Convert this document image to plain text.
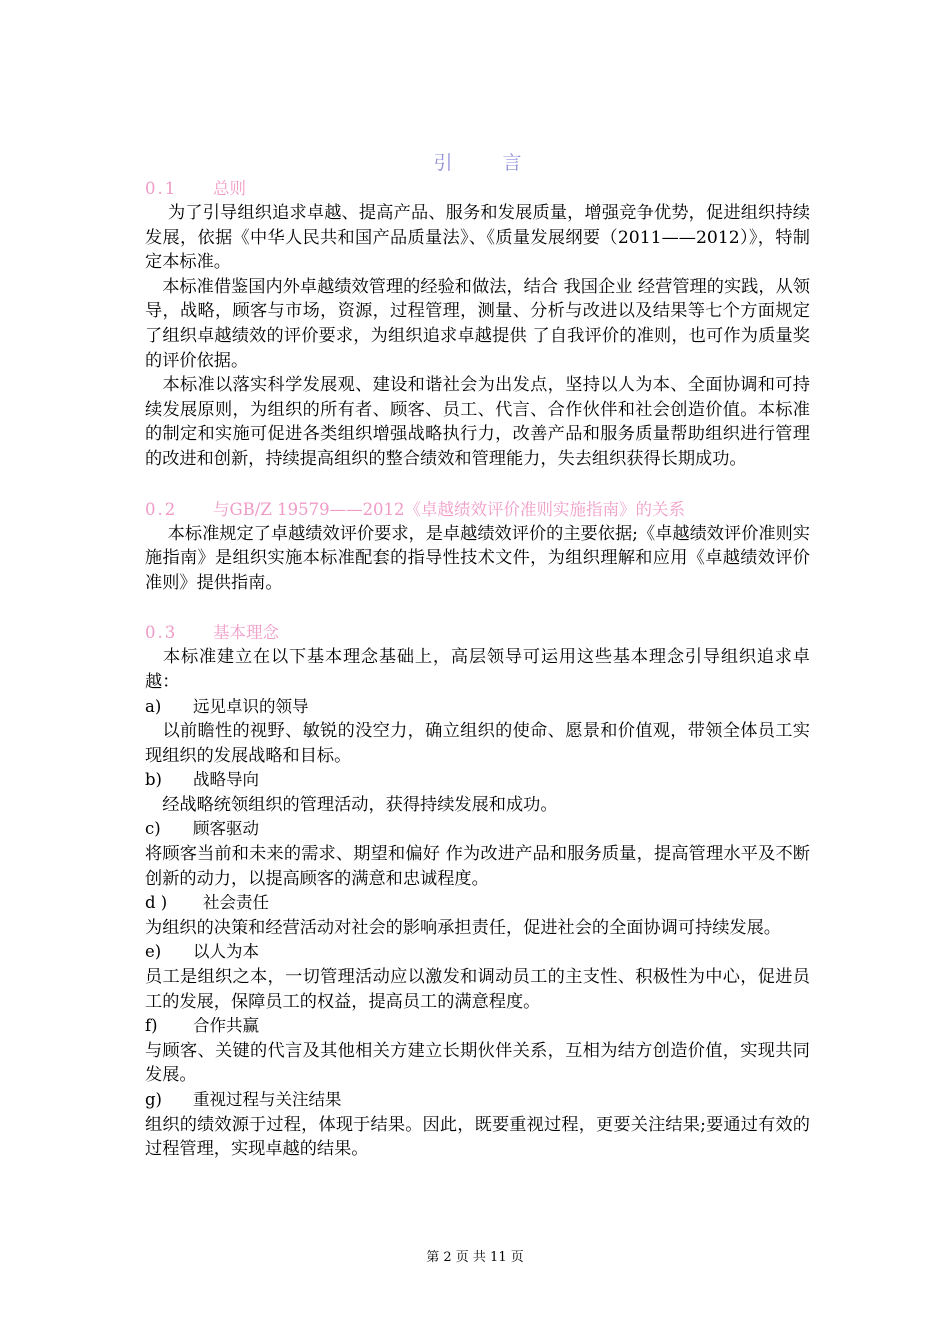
引 言
0.1 总则

　 为了引导组织追求卓越、提高产品、服务和发展质量，增强竞争优势，促进组织持续发展，依据《中华人民共和国产品质量法》、《质量发展纲要（2011——2012）》，特制定本标准。

　本标准借鉴国内外卓越绩效管理的经验和做法，结合 我国企业 经营管理的实践，从领导，战略，顾客与市场，资源，过程管理，测量、分析与改进以及结果等七个方面规定了组织卓越绩效的评价要求，为组织追求卓越提供 了自我评价的准则，也可作为质量奖的评价依据。

　本标准以落实科学发展观、建设和谐社会为出发点，坚持以人为本、全面协调和可持续发展原则，为组织的所有者、顾客、员工、代言、合作伙伴和社会创造价值。本标准的制定和实施可促进各类组织增强战略执行力，改善产品和服务质量帮助组织进行管理的改进和创新，持续提高组织的整合绩效和管理能力，失去组织获得长期成功。

0.2 与GB/Z 19579——2012《卓越绩效评价准则实施指南》的关系

　 本标准规定了卓越绩效评价要求，是卓越绩效评价的主要依据;《卓越绩效评价准则实施指南》是组织实施本标准配套的指导性技术文件，为组织理解和应用《卓越绩效评价准则》提供指南。

0.3 基本理念

　本标准建立在以下基本理念基础上，高层领导可运用这些基本理念引导组织追求卓越：

a) 远见卓识的领导

　以前瞻性的视野、敏锐的没空力，确立组织的使命、愿景和价值观，带领全体员工实现组织的发展战略和目标。

b) 战略导向

　经战略统领组织的管理活动，获得持续发展和成功。

c) 顾客驱动

将顾客当前和未来的需求、期望和偏好 作为改进产品和服务质量，提高管理水平及不断创新的动力，以提高顾客的满意和忠诚程度。

d ) 社会责任

为组织的决策和经营活动对社会的影响承担责任，促进社会的全面协调可持续发展。

e) 以人为本

员工是组织之本，一切管理活动应以激发和调动员工的主支性、积极性为中心，促进员工的发展，保障员工的权益，提高员工的满意程度。

f) 合作共赢

与顾客、关键的代言及其他相关方建立长期伙伴关系，互相为结方创造价值，实现共同发展。

g) 重视过程与关注结果

组织的绩效源于过程，体现于结果。因此，既要重视过程，更要关注结果;要通过有效的过程管理，实现卓越的结果。

第 2 页 共 11 页
